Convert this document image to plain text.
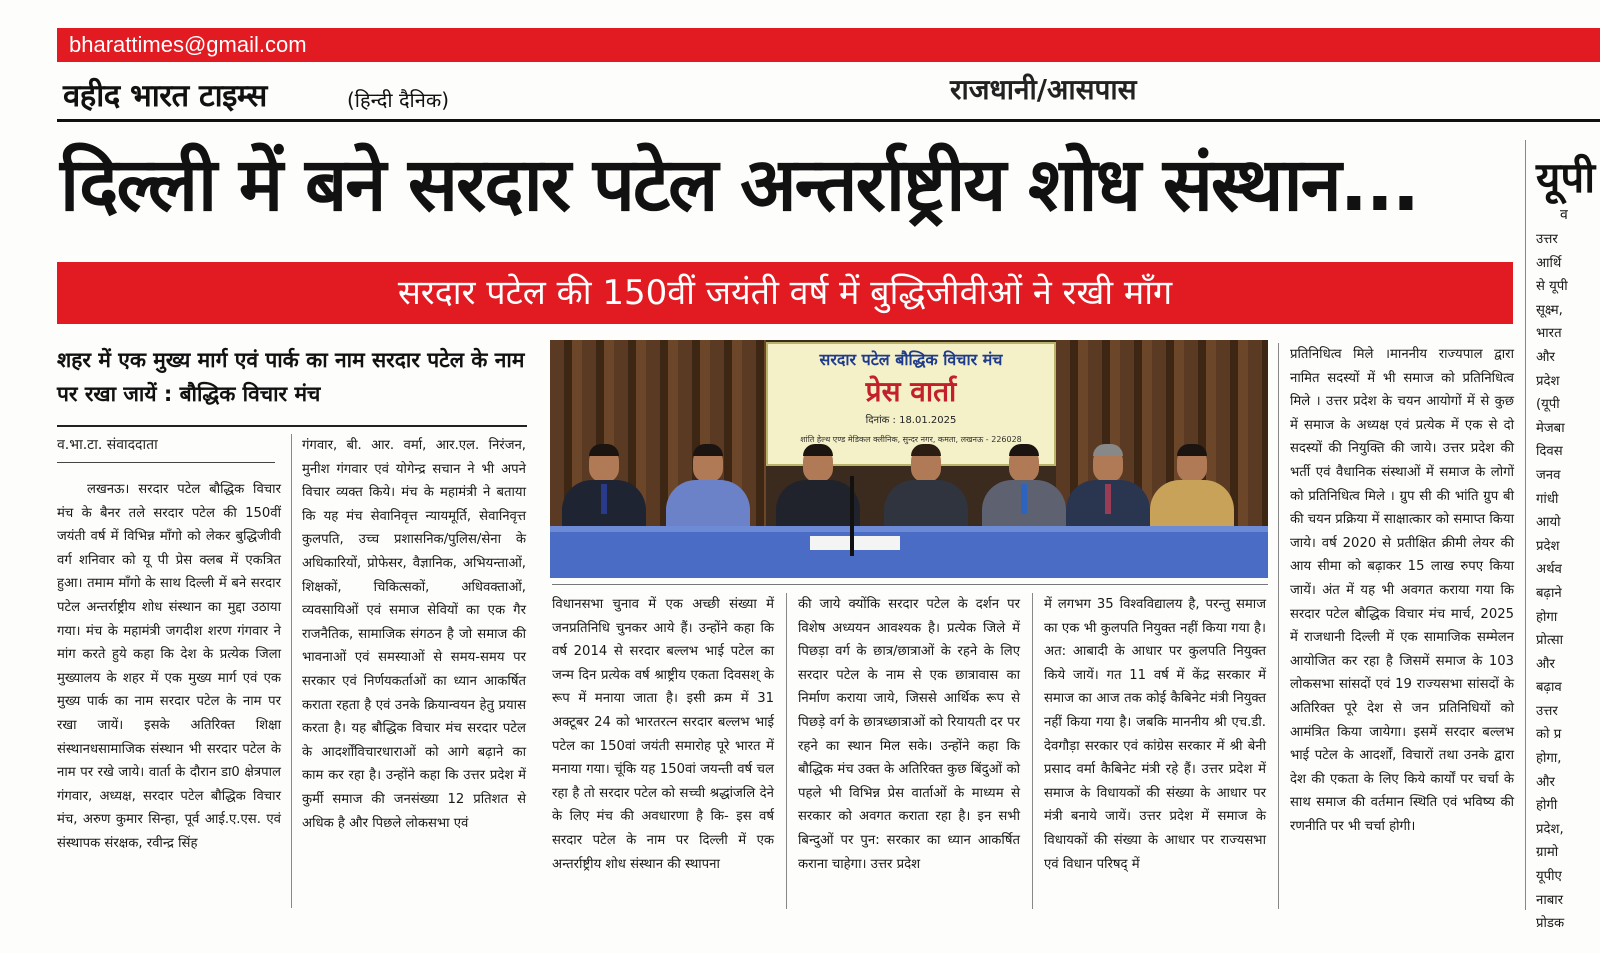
bharattimes@gmail.com
वहीद भारत टाइम्स	(हिन्दी दैनिक)	राजधानी/आसपास
दिल्ली में बने सरदार पटेल अन्तर्राष्ट्रीय शोध संस्थान...
सरदार पटेल की 150वीं जयंती वर्ष में बुद्धिजीवीओं ने रखी माँग
शहर में एक मुख्य मार्ग एवं पार्क का नाम सरदार पटेल के नाम पर रखा जायें : बौद्धिक विचार मंच
व.भा.टा. संवाददाता
सरदार पटेल बौद्धिक विचार मंच
प्रेस वार्ता
दिनांक : 18.01.2025
शांति हेल्थ एण्ड मेडिकल क्लीनिक, सुन्दर नगर, कमता, लखनऊ - 226028
लखनऊ। सरदार पटेल बौद्धिक विचार मंच के बैनर तले सरदार पटेल की 150वीं जयंती वर्ष में विभिन्न माँगो को लेकर बुद्धिजीवी वर्ग शनिवार को यू पी प्रेस क्लब में एकत्रित हुआ। तमाम माँगो के साथ दिल्ली में बने सरदार पटेल अन्तर्राष्ट्रीय शोध संस्थान का मुद्दा उठाया गया। मंच के महामंत्री जगदीश शरण गंगवार ने मांग करते हुये कहा कि देश के प्रत्येक जिला मुख्यालय के शहर में एक मुख्य मार्ग एवं एक मुख्य पार्क का नाम सरदार पटेल के नाम पर रखा जायें। इसके अतिरिक्त शिक्षा संस्थानधसामाजिक संस्थान भी सरदार पटेल के नाम पर रखे जाये। वार्ता के दौरान डा0 क्षेत्रपाल गंगवार, अध्यक्ष, सरदार पटेल बौद्धिक विचार मंच, अरुण कुमार सिन्हा, पूर्व आई.ए.एस. एवं संस्थापक संरक्षक, रवीन्द्र सिंह
गंगवार, बी. आर. वर्मा, आर.एल. निरंजन, मुनीश गंगवार एवं योगेन्द्र सचान ने भी अपने विचार व्यक्त किये। मंच के महामंत्री ने बताया कि यह मंच सेवानिवृत्त न्यायमूर्ति, सेवानिवृत्त कुलपति, उच्च प्रशासनिक/पुलिस/सेना के अधिकारियों, प्रोफेसर, वैज्ञानिक, अभियन्ताओं, शिक्षकों, चिकित्सकों, अधिवक्ताओं, व्यवसायिओं एवं समाज सेवियों का एक गैर राजनैतिक, सामाजिक संगठन है जो समाज की भावनाओं एवं समस्याओं से समय-समय पर सरकार एवं निर्णयकर्ताओं का ध्यान आकर्षित कराता रहता है एवं उनके क्रियान्वयन हेतु प्रयास करता है। यह बौद्धिक विचार मंच सरदार पटेल के आदर्शोंविचारधाराओं को आगे बढ़ाने का काम कर रहा है। उन्होंने कहा कि उत्तर प्रदेश में कुर्मी समाज की जनसंख्या 12 प्रतिशत से अधिक है और पिछले लोकसभा एवं
विधानसभा चुनाव में एक अच्छी संख्या में जनप्रतिनिधि चुनकर आये हैं। उन्होंने कहा कि वर्ष 2014 से सरदार बल्लभ भाई पटेल का जन्म दिन प्रत्येक वर्ष श्राष्ट्रीय एकता दिवसश् के रूप में मनाया जाता है। इसी क्रम में 31 अक्टूबर 24 को भारतरत्न सरदार बल्लभ भाई पटेल का 150वां जयंती समारोह पूरे भारत में मनाया गया। चूंकि यह 150वां जयन्ती वर्ष चल रहा है तो सरदार पटेल को सच्ची श्रद्धांजलि देने के लिए मंच की अवधारणा है कि- इस वर्ष सरदार पटेल के नाम पर दिल्ली में एक अन्तर्राष्ट्रीय शोध संस्थान की स्थापना
की जाये क्योंकि सरदार पटेल के दर्शन पर विशेष अध्ययन आवश्यक है। प्रत्येक जिले में पिछड़ा वर्ग के छात्र/छात्राओं के रहने के लिए सरदार पटेल के नाम से एक छात्रावास का निर्माण कराया जाये, जिससे आर्थिक रूप से पिछड़े वर्ग के छात्रध्छात्राओं को रियायती दर पर रहने का स्थान मिल सके। उन्होंने कहा कि बौद्धिक मंच उक्त के अतिरिक्त कुछ बिंदुओं को पहले भी विभिन्न प्रेस वार्ताओं के माध्यम से सरकार को अवगत कराता रहा है। इन सभी बिन्दुओं पर पुन: सरकार का ध्यान आकर्षित कराना चाहेगा। उत्तर प्रदेश
में लगभग 35 विश्वविद्यालय है, परन्तु समाज का एक भी कुलपति नियुक्त नहीं किया गया है। अत: आबादी के आधार पर कुलपति नियुक्त किये जायें। गत 11 वर्ष में केंद्र सरकार में समाज का आज तक कोई कैबिनेट मंत्री नियुक्त नहीं किया गया है। जबकि माननीय श्री एच.डी. देवगौड़ा सरकार एवं कांग्रेस सरकार में श्री बेनी प्रसाद वर्मा कैबिनेट मंत्री रहे हैं। उत्तर प्रदेश में समाज के विधायकों की संख्या के आधार पर मंत्री बनाये जायें। उत्तर प्रदेश में समाज के विधायकों की संख्या के आधार पर राज्यसभा एवं विधान परिषद् में
प्रतिनिधित्व मिले ।माननीय राज्यपाल द्वारा नामित सदस्यों में भी समाज को प्रतिनिधित्व मिले । उत्तर प्रदेश के चयन आयोगों में से कुछ में समाज के अध्यक्ष एवं प्रत्येक में एक से दो सदस्यों की नियुक्ति की जाये। उत्तर प्रदेश की भर्ती एवं वैधानिक संस्थाओं में समाज के लोगों को प्रतिनिधित्व मिले । ग्रुप सी की भांति ग्रुप बी की चयन प्रक्रिया में साक्षात्कार को समाप्त किया जाये। वर्ष 2020 से प्रतीक्षित क्रीमी लेयर की आय सीमा को बढ़ाकर 15 लाख रुपए किया जायें। अंत में यह भी अवगत कराया गया कि सरदार पटेल बौद्धिक विचार मंच मार्च, 2025 में राजधानी दिल्ली में एक सामाजिक सम्मेलन आयोजित कर रहा है जिसमें समाज के 103 लोकसभा सांसदों एवं 19 राज्यसभा सांसदों के अतिरिक्त पूरे देश से जन प्रतिनिधियों को आमंत्रित किया जायेगा। इसमें सरदार बल्लभ भाई पटेल के आदर्शों, विचारों तथा उनके द्वारा देश की एकता के लिए किये कार्यों पर चर्चा के साथ समाज की वर्तमान स्थिति एवं भविष्य की रणनीति पर भी चर्चा होगी।
यूपी
व
उत्तर
आर्थि
से यूपी
सूक्ष्म,
भारत
और
प्रदेश
(यूपी
मेजबा
दिवस
जनव
गांधी
आयो
प्रदेश
अर्थव
बढ़ाने
होगा
प्रोत्सा
और
बढ़ाव
उत्तर
को प्र
होगा,
और
होगी
प्रदेश,
ग्रामो
यूपीए
नाबार
प्रोडक
